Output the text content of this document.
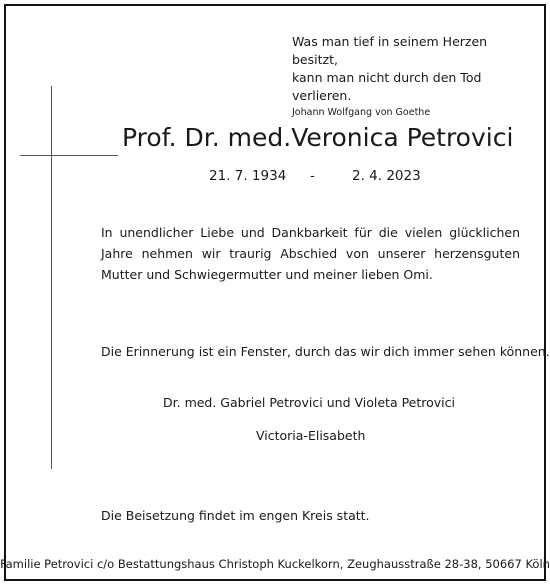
Was man tief in seinem Herzen besitzt,
kann man nicht durch den Tod verlieren.
Johann Wolfgang von Goethe
Prof. Dr. med.Veronica Petrovici
21. 7. 1934 -	2. 4. 2023
In unendlicher Liebe und Dankbarkeit für die vielen glücklichen Jahre nehmen wir traurig Abschied von unserer herzensguten Mutter und Schwiegermutter und meiner lieben Omi.
Die Erinnerung ist ein Fenster, durch das wir dich immer sehen können.
Dr. med. Gabriel Petrovici und Violeta Petrovici
Victoria-Elisabeth
Die Beisetzung findet im engen Kreis statt.
Familie Petrovici c/o Bestattungshaus Christoph Kuckelkorn, Zeughausstraße 28-38, 50667 Köln
